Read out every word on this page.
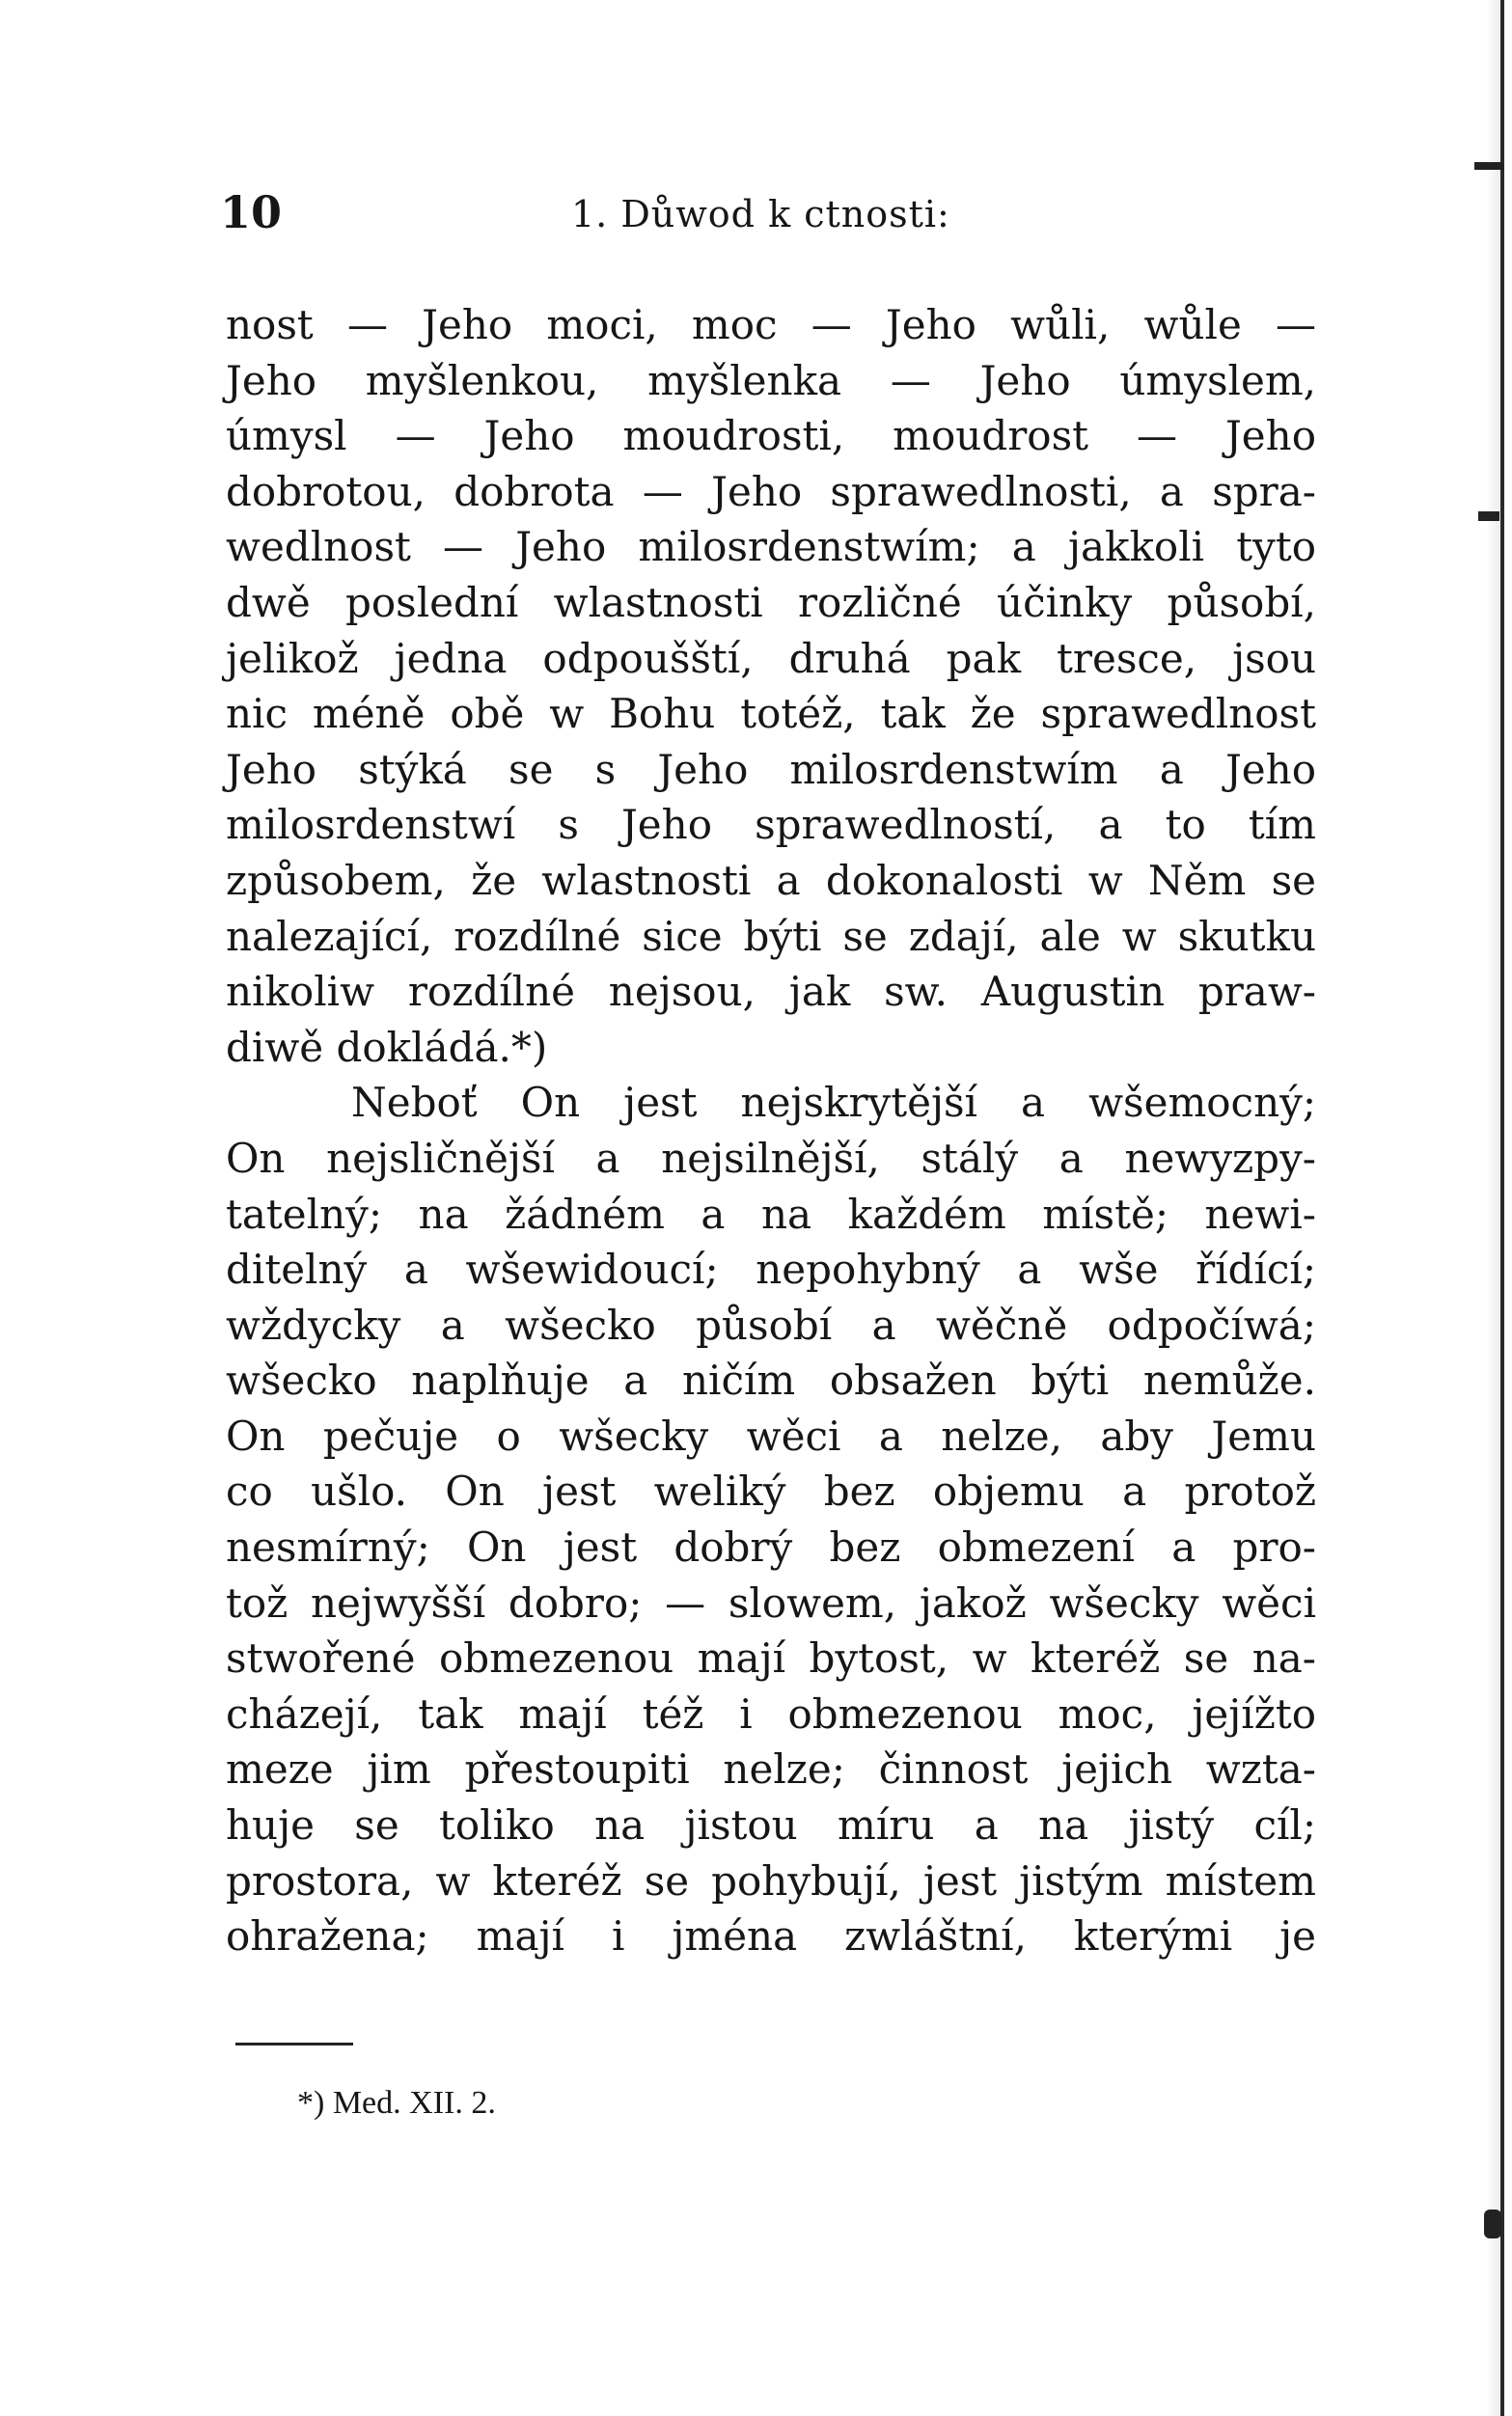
10	1. Důwod k ctnosti:
nost — Jeho moci, moc — Jeho wůli, wůle —
Jeho myšlenkou, myšlenka — Jeho úmyslem,
úmysl — Jeho moudrosti, moudrost — Jeho
dobrotou, dobrota — Jeho sprawedlnosti, a spra-
wedlnost — Jeho milosrdenstwím; a jakkoli tyto
dwě poslední wlastnosti rozličné účinky působí,
jelikož jedna odpoušští, druhá pak tresce, jsou
nic méně obě w Bohu totéž, tak že sprawedlnost
Jeho stýká se s Jeho milosrdenstwím a Jeho
milosrdenstwí s Jeho sprawedlností, a to tím
způsobem, že wlastnosti a dokonalosti w Něm se
nalezající, rozdílné sice býti se zdají, ale w skutku
nikoliw rozdílné nejsou, jak sw. Augustin praw-
diwě dokládá.*)
Neboť On jest nejskrytější a wšemocný;
On nejsličnější a nejsilnější, stálý a newyzpy-
tatelný; na žádném a na každém místě; newi-
ditelný a wšewidoucí; nepohybný a wše řídící;
wždycky a wšecko působí a wěčně odpočíwá;
wšecko naplňuje a ničím obsažen býti nemůže.
On pečuje o wšecky wěci a nelze, aby Jemu
co ušlo. On jest weliký bez objemu a protož
nesmírný; On jest dobrý bez obmezení a pro-
tož nejwyšší dobro; — slowem, jakož wšecky wěci
stwořené obmezenou mají bytost, w kteréž se na-
cházejí, tak mají též i obmezenou moc, jejížto
meze jim přestoupiti nelze; činnost jejich wzta-
huje se toliko na jistou míru a na jistý cíl;
prostora, w kteréž se pohybují, jest jistým místem
ohražena; mají i jména zwláštní, kterými je
*) Med. XII. 2.
